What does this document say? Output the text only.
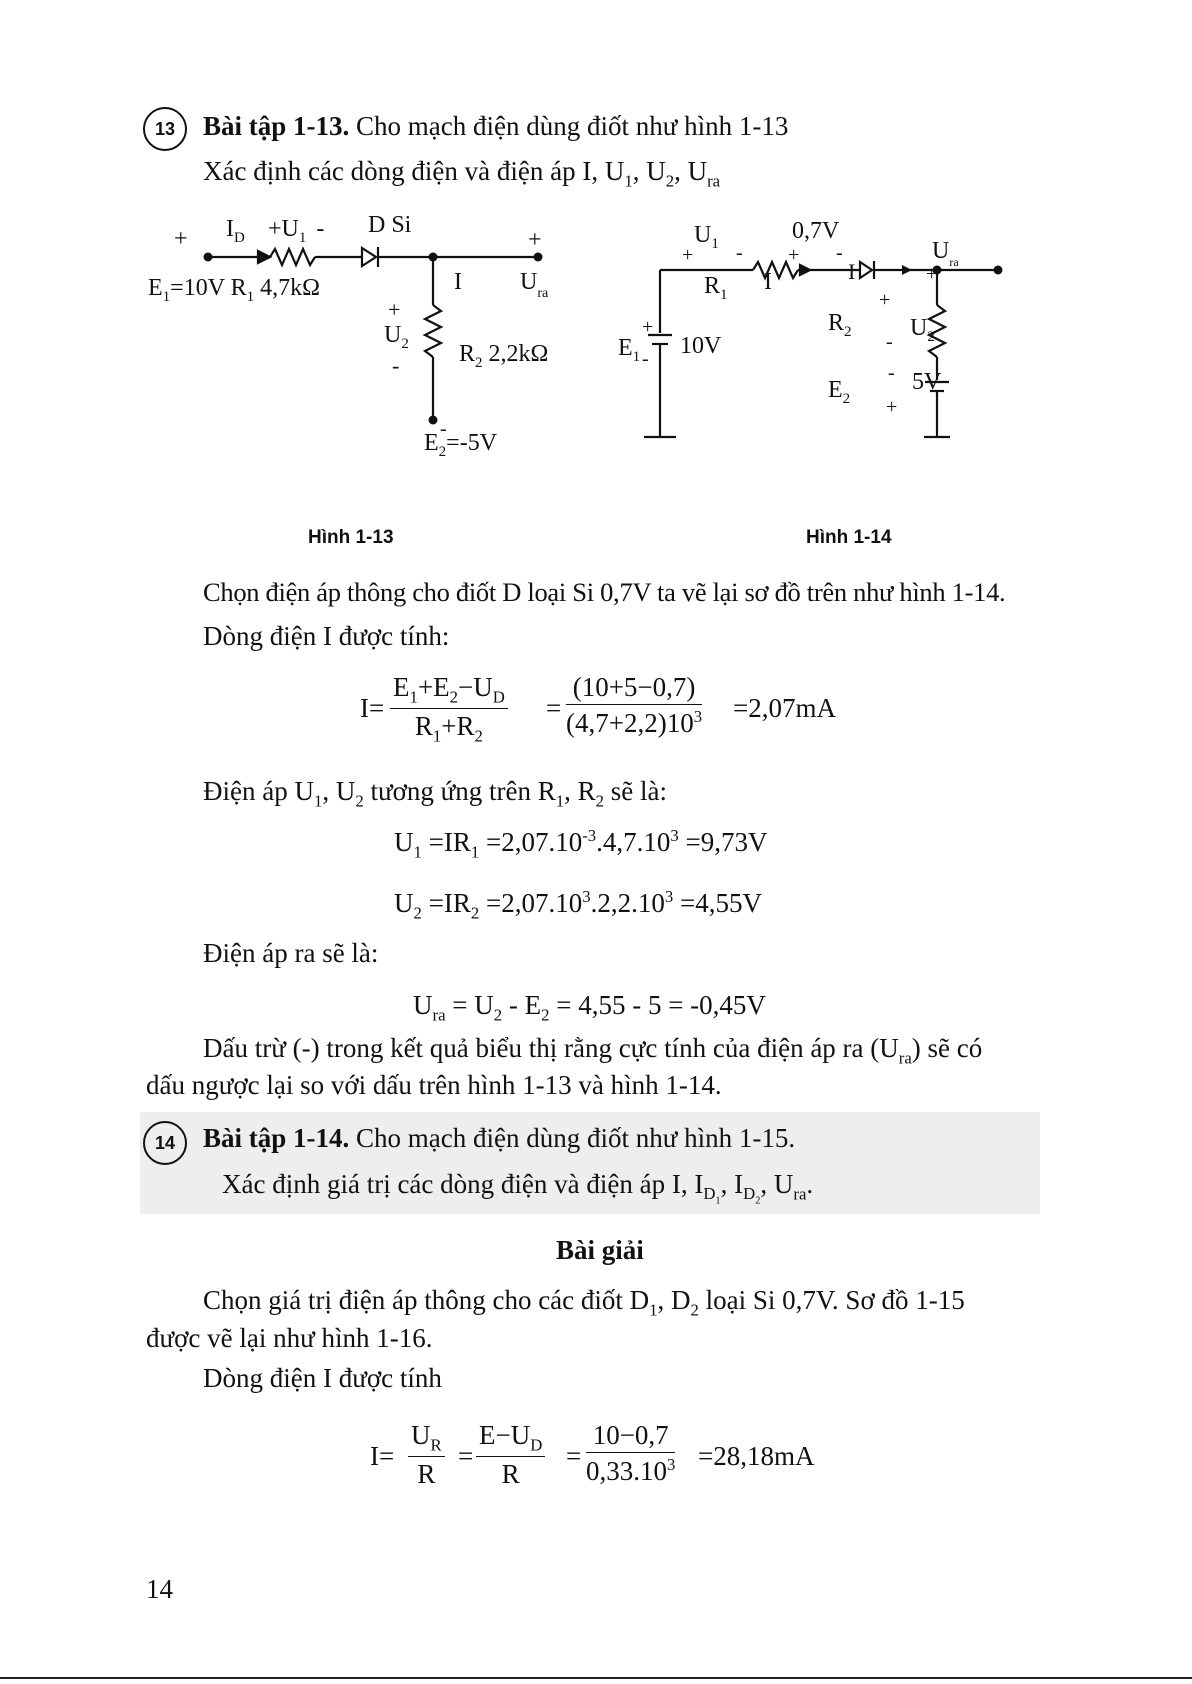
13	Bài tập 1-13. Cho mạch điện dùng điốt như hình 1-13
Xác định các dòng điện và điện áp I, $U_1$, $U_2$, $U_{ra}$
+ $I_D +U_1 - D$ Si
+
$E_1=10V$ $R_1$ 4,7kΩ	I $U_{ra}$
+
$U_2$
- $R_2$ 2,2kΩ
-
$E_2=-5V$
Hình 1-13
$U_1$
+ -
0,7V
+ -	$U_{ra}$
+
$R_1$ I	I
+
$R_2$ $U_2$
-
$E_1$
+
- 10V
$E_2$
-
+
5V
Hình 1-14
Chọn điện áp thông cho điốt D loại Si 0,7V ta vẽ lại sơ đồ trên như hình 1-14.
Dòng điện I được tính:
$I= \frac{E_1+E_2-U_D}{R_1+R_2} = \frac{(10+5-0,7)}{(4,7+2,2)10^3} =2,07mA$
Điện áp $U_1$, $U_2$ tương ứng trên $R_1$, $R_2$ sẽ là:
$U_1 =IR_1 =2,07.10^{-3}.4,7.10^3 =9,73V$
$U_2 =IR_2 =2,07.10^3.2,2.10^3 =4,55V$
Điện áp ra sẽ là:
$U_{ra} = U_2 - E_2 = 4,55 - 5 = -0,45V$
Dấu trừ (-) trong kết quả biểu thị rằng cực tính của điện áp ra $(U_{ra})$ sẽ có
dấu ngược lại so với dấu trên hình 1-13 và hình 1-14.
14	Bài tập 1-14. Cho mạch điện dùng điốt như hình 1-15.
Xác định giá trị các dòng điện và điện áp I, $I_{D_1}$, $I_{D_2}$, $U_{ra}$.
Bài giải
Chọn giá trị điện áp thông cho các điốt $D_1$, $D_2$ loại Si 0,7V. Sơ đồ 1-15
được vẽ lại như hình 1-16.
Dòng điện I được tính
$I= \frac{U_R}{R} = \frac{E-U_D}{R} = \frac{10-0,7}{0,33.10^3} =28,18mA$
14
